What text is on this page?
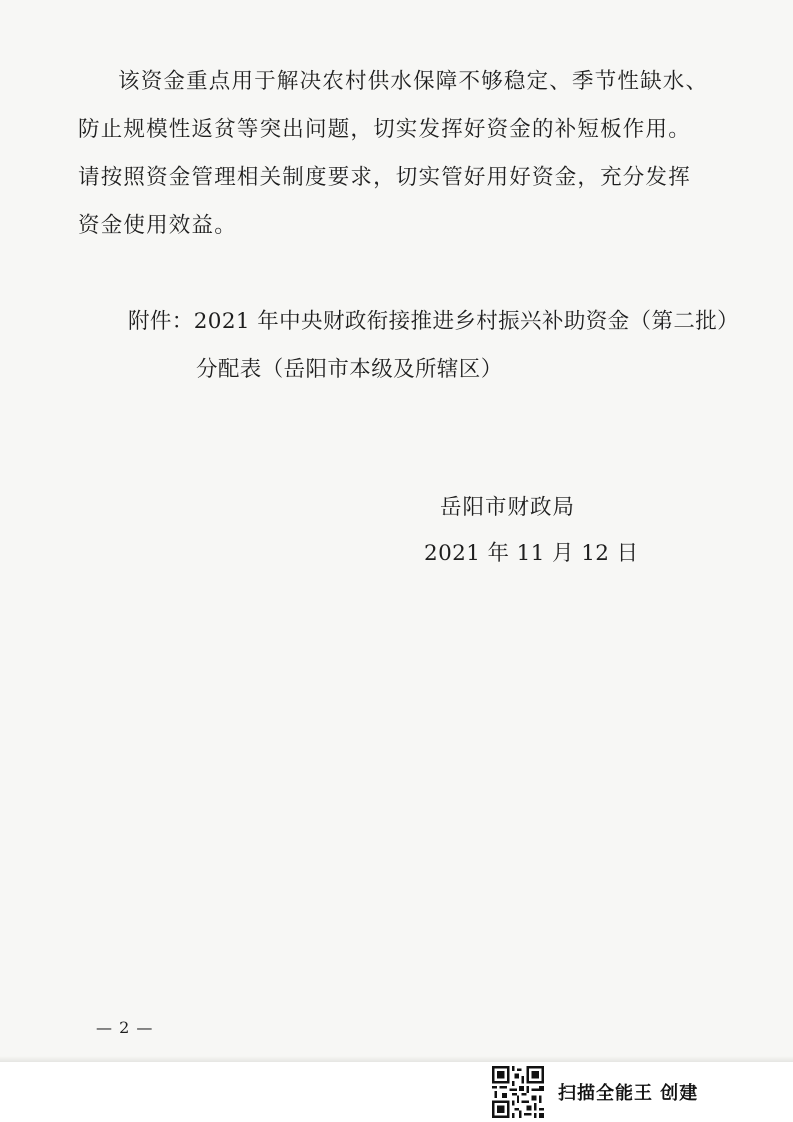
该资金重点用于解决农村供水保障不够稳定、季节性缺水、
防止规模性返贫等突出问题，切实发挥好资金的补短板作用。
请按照资金管理相关制度要求，切实管好用好资金，充分发挥
资金使用效益。
附件：2021 年中央财政衔接推进乡村振兴补助资金（第二批）
分配表（岳阳市本级及所辖区）
岳阳市财政局
2021 年 11 月 12 日
— 2 —
扫描全能王 创建
